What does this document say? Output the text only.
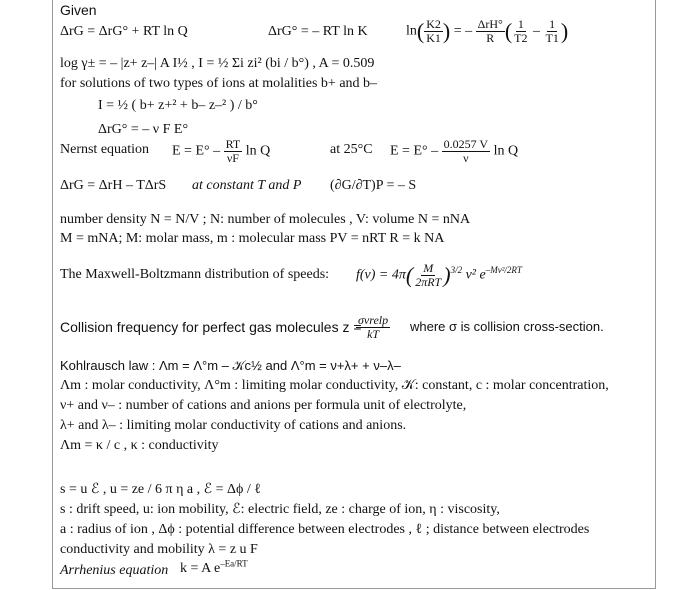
Given
ΔrG = ΔrG° + RT ln Q	ΔrG° = – RT ln K	$\ln( \frac{K2}{K1}$ ) = – $\frac{\text{ΔrH°}}{R}$ ( $\frac{1}{T2} - \frac{1}{T1}$ )
log γ± = – |z+ z–| A I½ , I = ½ Σi zi² (bi / b°) , A = 0.509
for solutions of two types of ions at molalities b+ and b–
I = ½ ( b+ z+² + b– z–² ) / b°
ΔrG° = – ν F E°
Nernst equation $E = E^\circ - \frac{RT}{\nu F}$ ln Q	at 25°C $E = E^\circ - \frac{0.0257 V}{\nu}$ ln Q
ΔrG = ΔrH – TΔrS at constant T and P (∂G/∂T)P = – S
number density N = N/V ; N: number of molecules , V: volume N = nNA
M = mNA; M: molar mass, m : molecular mass PV = nRT R = k NA
The Maxwell-Boltzmann distribution of speeds: $f(v) = 4\pi( \frac{M}{\text{2πRT}} )^{3/2}$ v² $e^{-Mv^2/2RT}$
Collision frequency for perfect gas molecules z =
$\frac{\text{σvrelp}}{kT}$ where σ is collision cross-section.
Kohlrausch law : Λm = Λ°m – 𝒦c½ and Λ°m = ν+λ+ + ν–λ–
Λm : molar conductivity, Λ°m : limiting molar conductivity, 𝒦: constant, c : molar concentration,
ν+ and ν– : number of cations and anions per formula unit of electrolyte,
λ+ and λ– : limiting molar conductivity of cations and anions.
Λm = κ / c , κ : conductivity
s = u ℰ , u = ze / 6 π η a , ℰ = Δϕ / ℓ
s : drift speed, u: ion mobility, ℰ: electric field, ze : charge of ion, η : viscosity,
a : radius of ion , Δϕ : potential difference between electrodes , ℓ ; distance between electrodes
conductivity and mobility λ = z u F
Arrhenius equation k = A $e^{-Ea/RT}$
